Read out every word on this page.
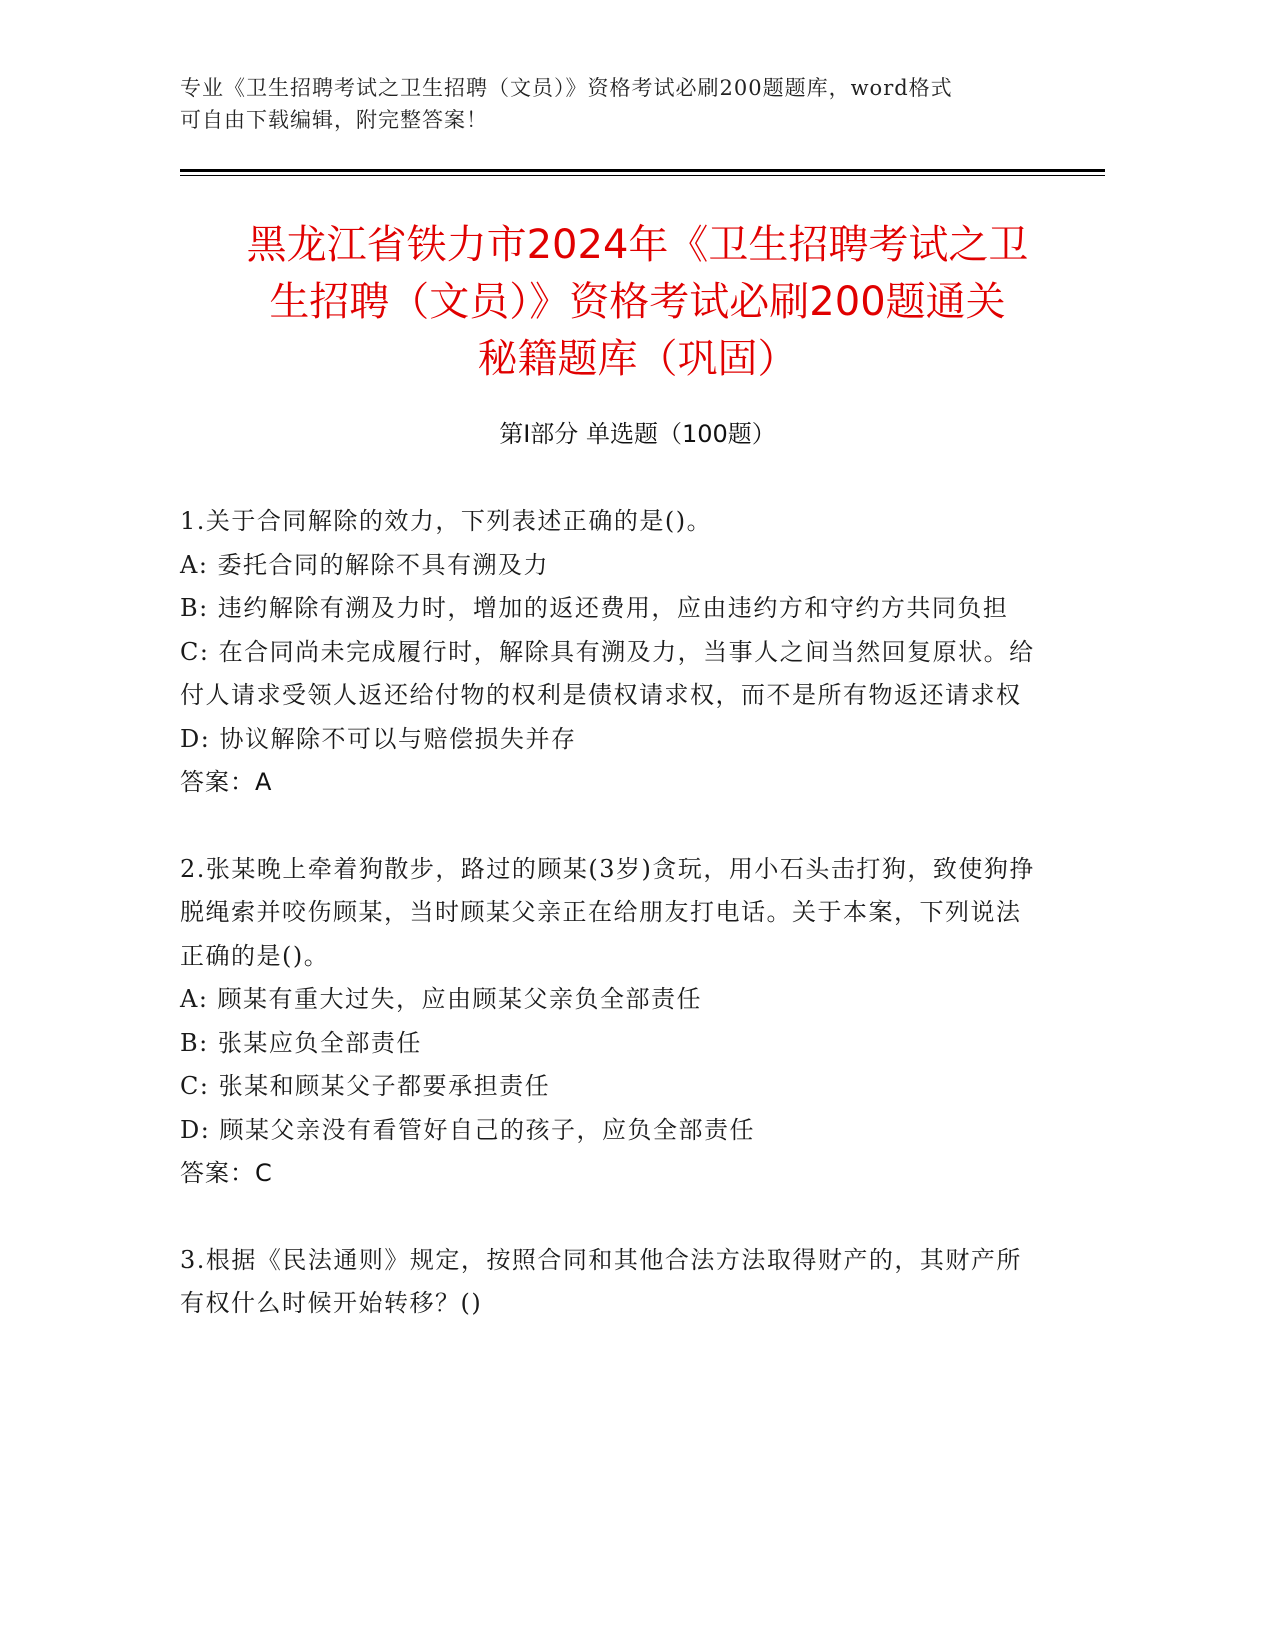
专业《卫生招聘考试之卫生招聘（文员）》资格考试必刷200题题库，word格式
可自由下载编辑，附完整答案！
黑龙江省铁力市2024年《卫生招聘考试之卫
生招聘（文员）》资格考试必刷200题通关
秘籍题库（巩固）
第Ⅰ部分 单选题（100题）
1.关于合同解除的效力，下列表述正确的是()。
A: 委托合同的解除不具有溯及力
B: 违约解除有溯及力时，增加的返还费用，应由违约方和守约方共同负担
C: 在合同尚未完成履行时，解除具有溯及力，当事人之间当然回复原状。给付人请求受领人返还给付物的权利是债权请求权，而不是所有物返还请求权
D: 协议解除不可以与赔偿损失并存
答案：A
2.张某晚上牵着狗散步，路过的顾某(3岁)贪玩，用小石头击打狗，致使狗挣脱绳索并咬伤顾某，当时顾某父亲正在给朋友打电话。关于本案，下列说法正确的是()。
A: 顾某有重大过失，应由顾某父亲负全部责任
B: 张某应负全部责任
C: 张某和顾某父子都要承担责任
D: 顾某父亲没有看管好自己的孩子，应负全部责任
答案：C
3.根据《民法通则》规定，按照合同和其他合法方法取得财产的，其财产所有权什么时候开始转移？()
